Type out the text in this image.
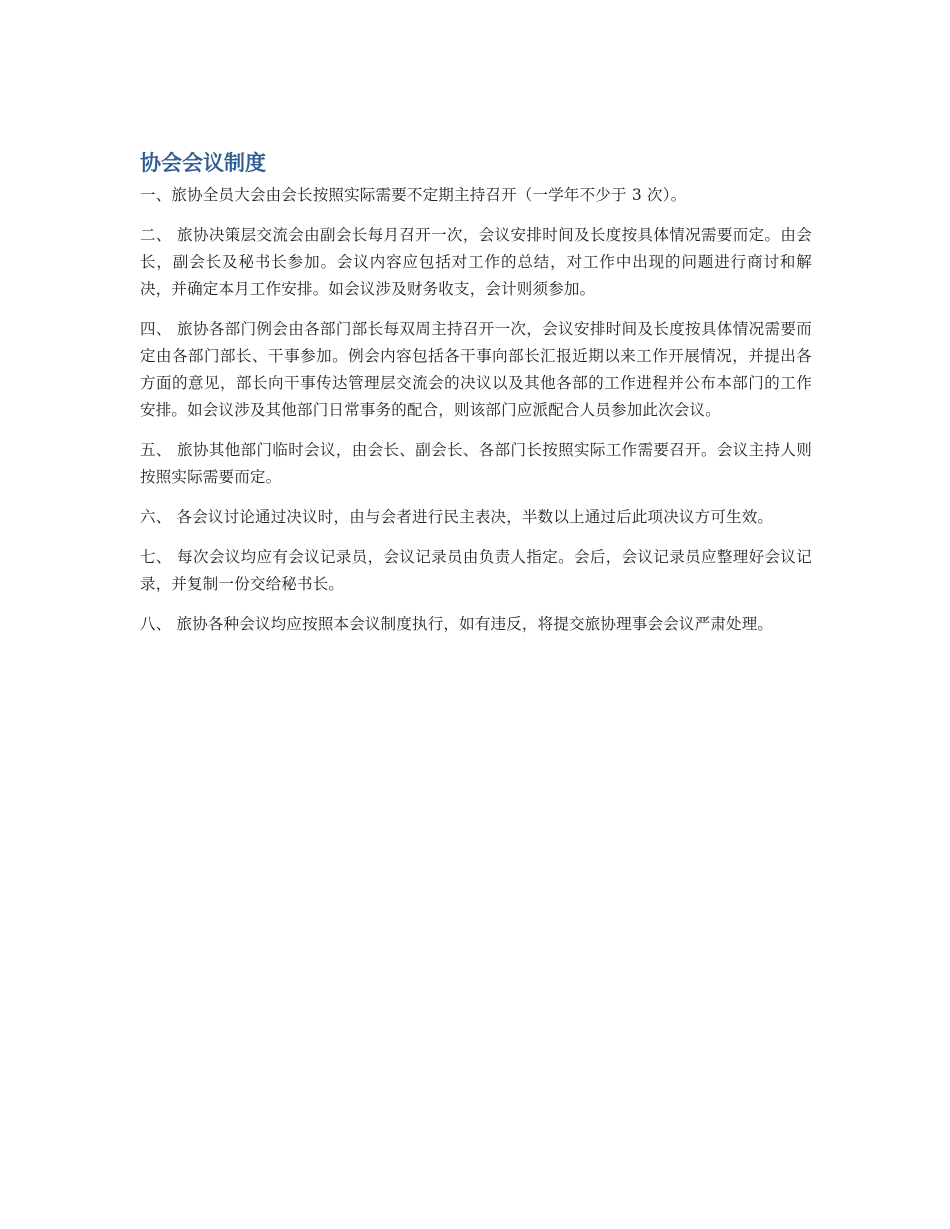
协会会议制度

一、旅协全员大会由会长按照实际需要不定期主持召开（一学年不少于 3 次）。

二、 旅协决策层交流会由副会长每月召开一次，会议安排时间及长度按具体情况需要而定。由会长，副会长及秘书长参加。会议内容应包括对工作的总结，对工作中出现的问题进行商讨和解决，并确定本月工作安排。如会议涉及财务收支，会计则须参加。

四、 旅协各部门例会由各部门部长每双周主持召开一次，会议安排时间及长度按具体情况需要而定由各部门部长、干事参加。例会内容包括各干事向部长汇报近期以来工作开展情况，并提出各方面的意见，部长向干事传达管理层交流会的决议以及其他各部的工作进程并公布本部门的工作安排。如会议涉及其他部门日常事务的配合，则该部门应派配合人员参加此次会议。

五、 旅协其他部门临时会议，由会长、副会长、各部门长按照实际工作需要召开。会议主持人则按照实际需要而定。

六、 各会议讨论通过决议时，由与会者进行民主表决，半数以上通过后此项决议方可生效。

七、 每次会议均应有会议记录员，会议记录员由负责人指定。会后，会议记录员应整理好会议记录，并复制一份交给秘书长。

八、 旅协各种会议均应按照本会议制度执行，如有违反，将提交旅协理事会会议严肃处理。
